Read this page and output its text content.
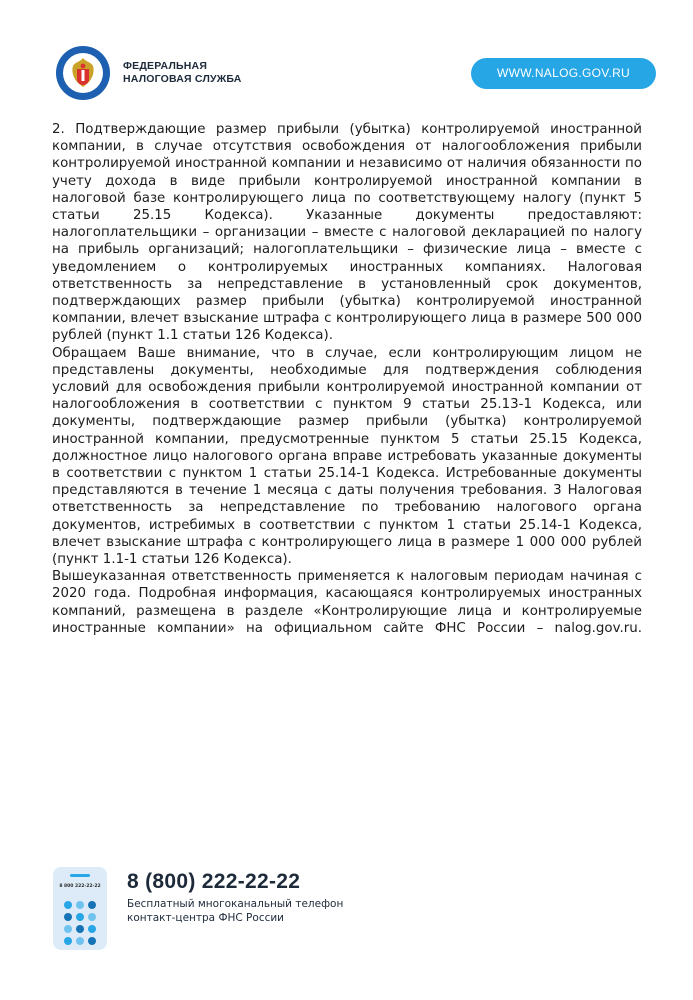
ФЕДЕРАЛЬНАЯ
НАЛОГОВАЯ СЛУЖБА	WWW.NALOG.GOV.RU

2. Подтверждающие размер прибыли (убытка) контролируемой иностранной компании, в случае отсутствия освобождения от налогообложения прибыли контролируемой иностранной компании и независимо от наличия обязанности по учету дохода в виде прибыли контролируемой иностранной компании в налоговой базе контролирующего лица по соответствующему налогу (пункт 5 статьи 25.15 Кодекса). Указанные документы предоставляют: налогоплательщики – организации – вместе с налоговой декларацией по налогу на прибыль организаций; налогоплательщики – физические лица – вместе с уведомлением о контролируемых иностранных компаниях. Налоговая ответственность за непредставление в установленный срок документов, подтверждающих размер прибыли (убытка) контролируемой иностранной компании, влечет взыскание штрафа с контролирующего лица в размере 500 000 рублей (пункт 1.1 статьи 126 Кодекса).

Обращаем Ваше внимание, что в случае, если контролирующим лицом не представлены документы, необходимые для подтверждения соблюдения условий для освобождения прибыли контролируемой иностранной компании от налогообложения в соответствии с пунктом 9 статьи 25.13-1 Кодекса, или документы, подтверждающие размер прибыли (убытка) контролируемой иностранной компании, предусмотренные пунктом 5 статьи 25.15 Кодекса, должностное лицо налогового органа вправе истребовать указанные документы в соответствии с пунктом 1 статьи 25.14-1 Кодекса. Истребованные документы представляются в течение 1 месяца с даты получения требования. 3 Налоговая ответственность за непредставление по требованию налогового органа документов, истребимых в соответствии с пунктом 1 статьи 25.14-1 Кодекса, влечет взыскание штрафа с контролирующего лица в размере 1 000 000 рублей (пункт 1.1-1 статьи 126 Кодекса).

Вышеуказанная ответственность применяется к налоговым периодам начиная с 2020 года. Подробная информация, касающаяся контролируемых иностранных компаний, размещена в разделе «Контролирующие лица и контролируемые иностранные компании» на официальном сайте ФНС России – nalog.gov.ru.

8 800 222-22-22	8 (800) 222-22-22
Бесплатный многоканальный телефон
контакт-центра ФНС России
